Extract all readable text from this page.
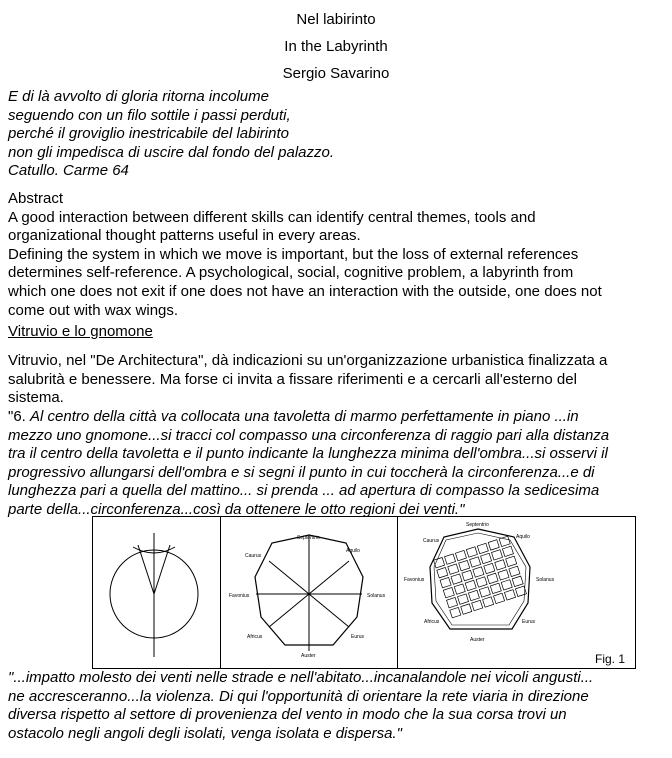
Nel labirinto
In the Labyrinth
Sergio Savarino
E di là avvolto di gloria ritorna incolume
seguendo con un filo sottile i passi perduti,
perché il groviglio inestricabile del labirinto
non gli impedisca di uscire dal fondo del palazzo.
Catullo. Carme 64
Abstract
A good interaction between different skills can identify central themes, tools and
organizational thought patterns useful in every areas.
Defining the system in which we move is important, but the loss of external references
determines self-reference. A psychological, social, cognitive problem, a labyrinth from
which one does not exit if one does not have an interaction with the outside, one does not
come out with wax wings.
Vitruvio e lo gnomone
Vitruvio, nel "De Architectura", dà indicazioni su un'organizzazione urbanistica finalizzata a
salubrità e benessere. Ma forse ci invita a fissare riferimenti e a cercarli all'esterno del
sistema.
"6. Al centro della città va collocata una tavoletta di marmo perfettamente in piano ...in
mezzo uno gnomone...si tracci col compasso una circonferenza di raggio pari alla distanza
tra il centro della tavoletta e il punto indicante la lunghezza minima dell'ombra...si osservi il
progressivo allungarsi dell'ombra e si segni il punto in cui toccherà la circonferenza...e di
lunghezza pari a quella del mattino... si prenda ... ad apertura di compasso la sedicesima
parte della...circonferenza...così da ottenere le otto regioni dei venti."
Septentrio
Aquilo
Caurus
Solanus
Favonius
Africus	Eurus
Auster
Septentrio
Aquilo
Caurus
Solanus
Favonius
Africus	Eurus
Auster
Fig. 1
"...impatto molesto dei venti nelle strade e nell'abitato...incanalandole nei vicoli angusti...
ne accresceranno...la violenza. Di qui l'opportunità di orientare la rete viaria in direzione
diversa rispetto al settore di provenienza del vento in modo che la sua corsa trovi un
ostacolo negli angoli degli isolati, venga isolata e dispersa."
